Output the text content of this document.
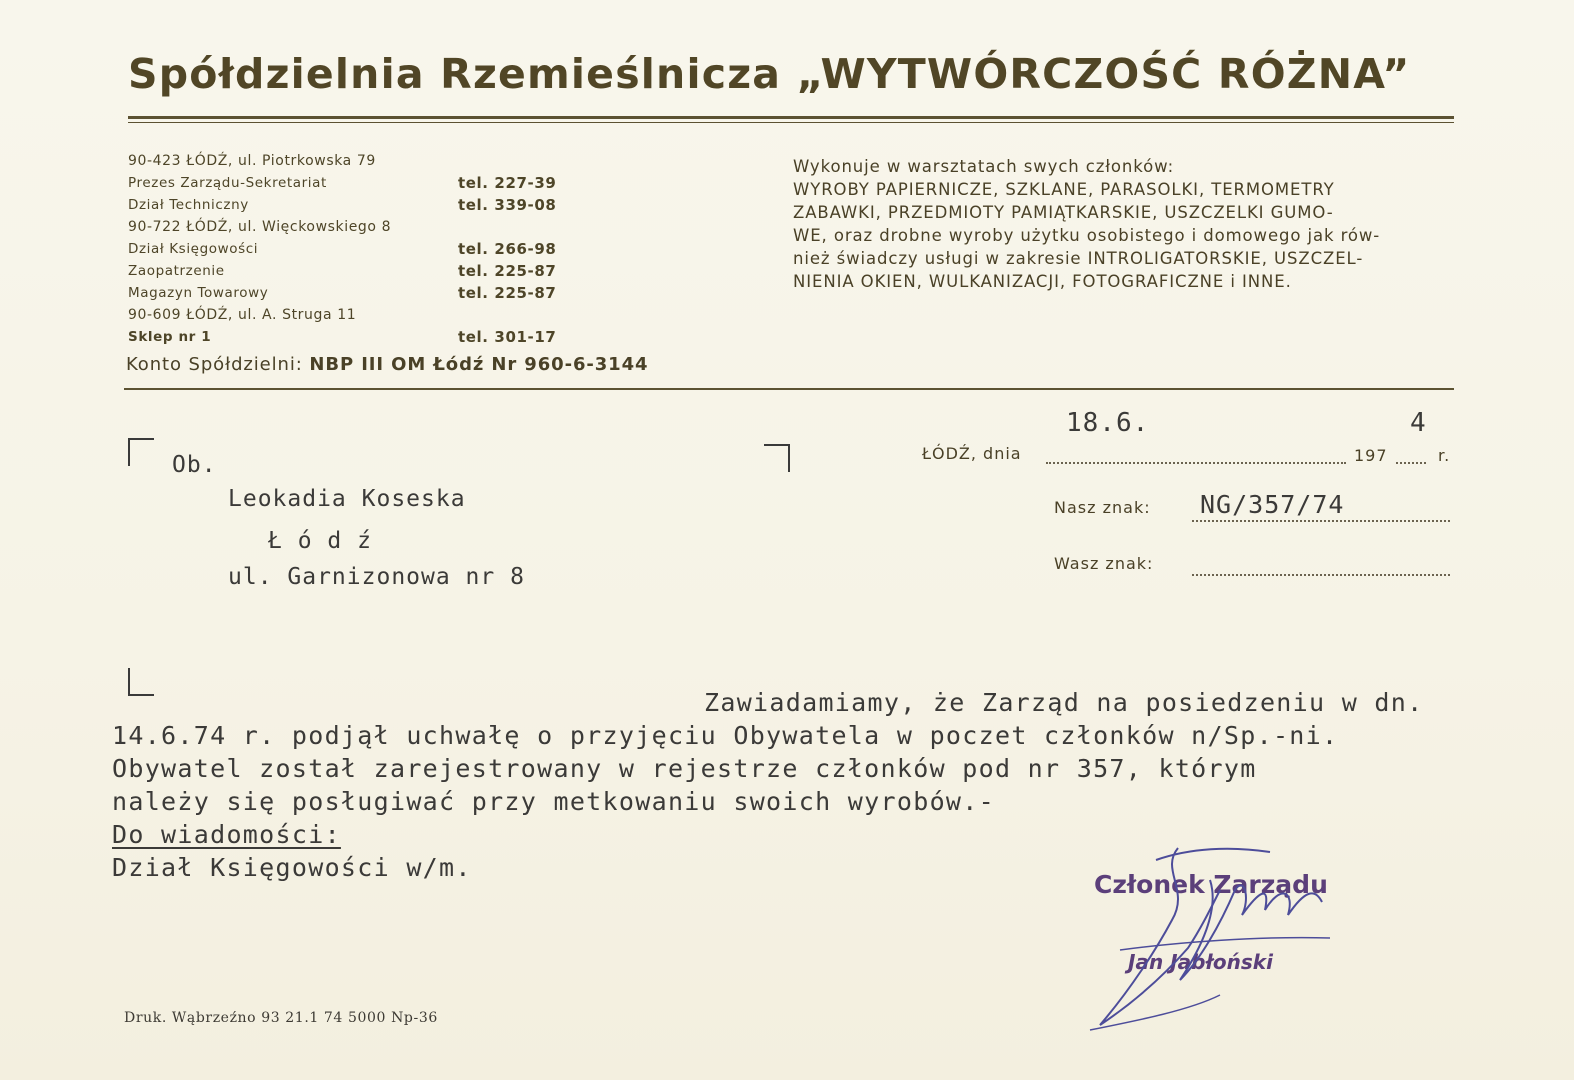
Spółdzielnia Rzemieślnicza „WYTWÓRCZOŚĆ RÓŻNA”
90-423 ŁÓDŹ, ul. Piotrkowska 79
Prezes Zarządu-Sekretariat	tel. 227-39
Dział Techniczny	tel. 339-08
90-722 ŁÓDŹ, ul. Więckowskiego 8
Dział Księgowości	tel. 266-98
Zaopatrzenie	tel. 225-87
Magazyn Towarowy	tel. 225-87
90-609 ŁÓDŹ, ul. A. Struga 11
Sklep nr 1	tel. 301-17
Konto Spółdzielni: NBP III OM Łódź Nr 960-6-3144
Wykonuje w warsztatach swych członków:
WYROBY PAPIERNICZE, SZKLANE, PARASOLKI, TERMOMETRY
ZABAWKI, PRZEDMIOTY PAMIĄTKARSKIE, USZCZELKI GUMO-
WE, oraz drobne wyroby użytku osobistego i domowego jak rów-
nież świadczy usługi w zakresie INTROLIGATORSKIE, USZCZEL-
NIENIA OKIEN, WULKANIZACJI, FOTOGRAFICZNE i INNE.
Ob.
Leokadia Koseska
Ł ó d ź
ul. Garnizonowa nr 8
18.6.	4
ŁÓDŹ, dnia	197	r.
Nasz znak: NG/357/74
Wasz znak:
Zawiadamiamy, że Zarząd na posiedzeniu w dn.
14.6.74 r. podjął uchwałę o przyjęciu Obywatela w poczet członków n/Sp.-ni.
Obywatel został zarejestrowany w rejestrze członków pod nr 357, którym
należy się posługiwać przy metkowaniu swoich wyrobów.-
Do wiadomości:
Dział Księgowości w/m.
Członek Zarządu
Jan Jabłoński
Druk. Wąbrzeźno 93 21.1 74 5000 Np-36
